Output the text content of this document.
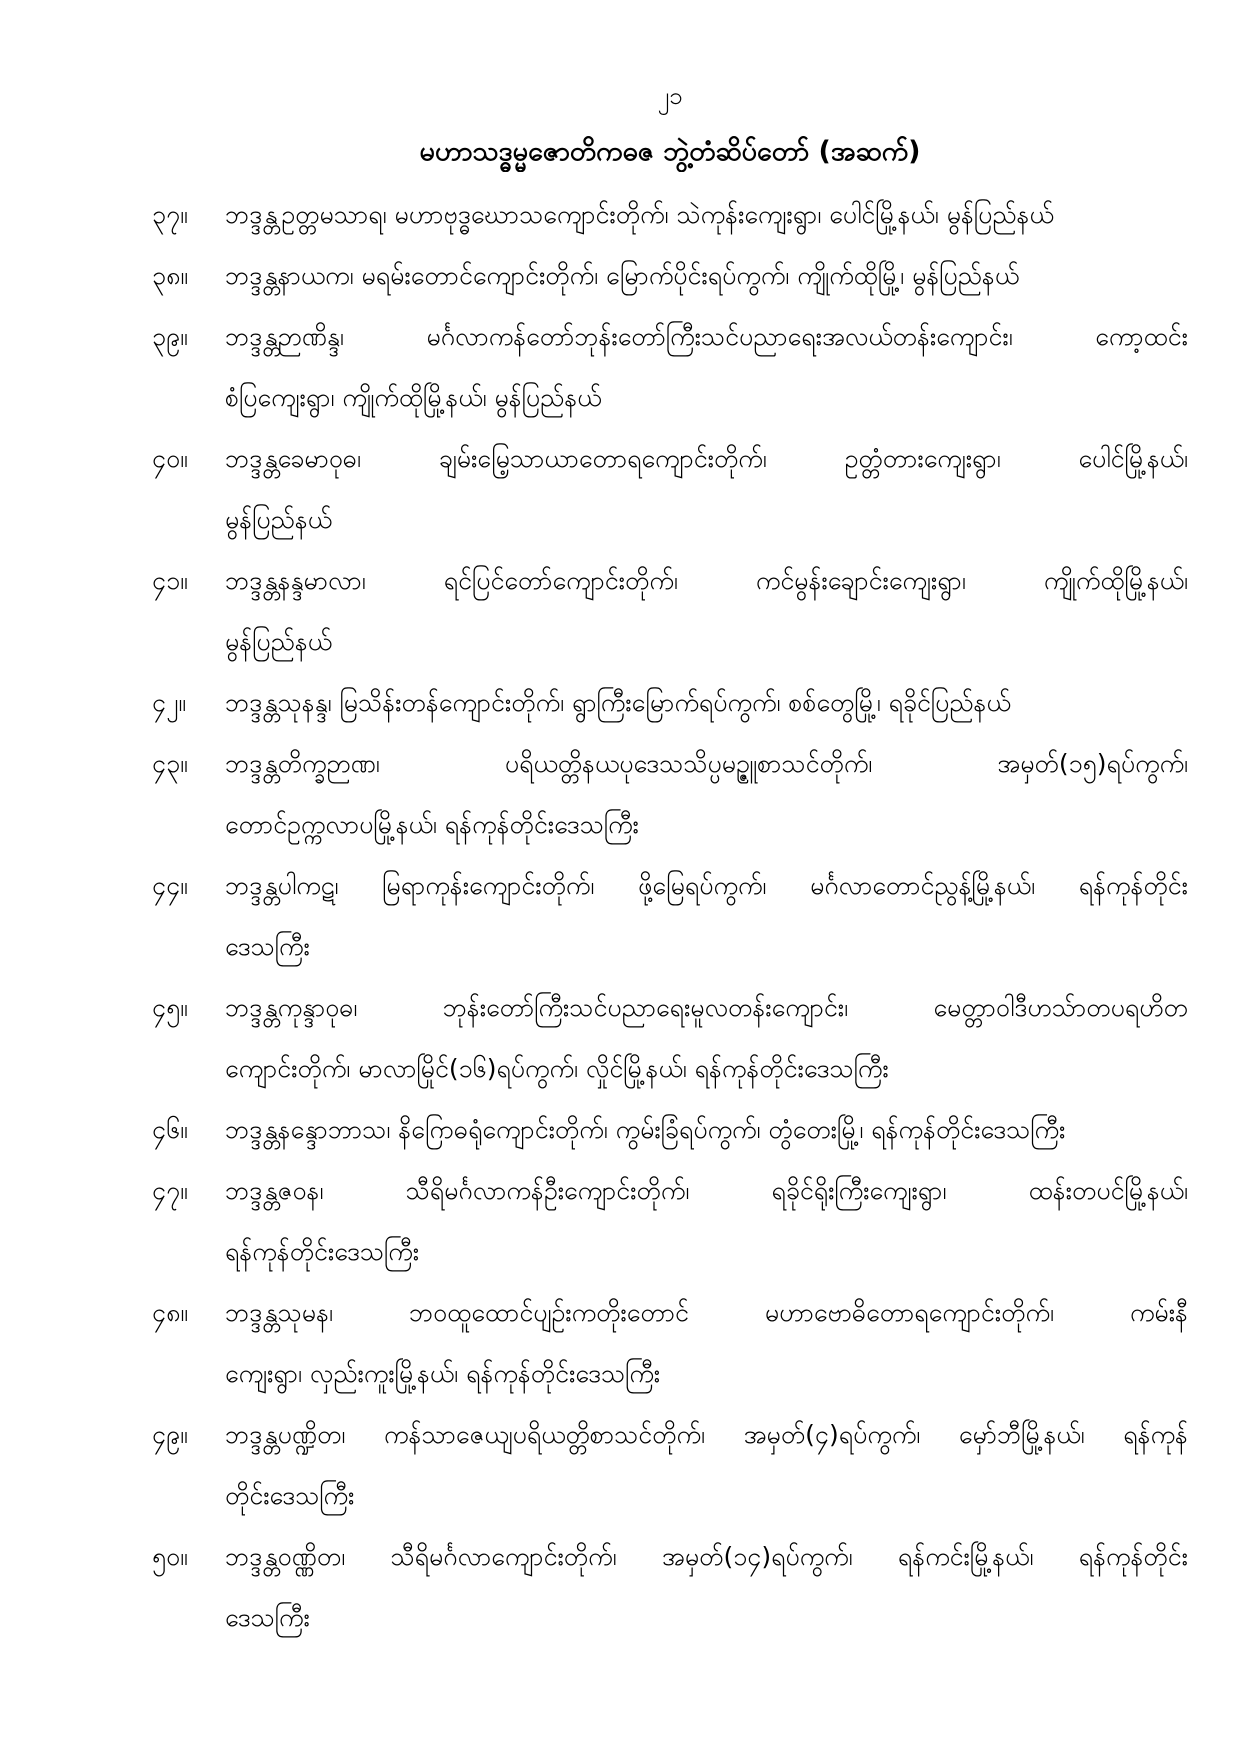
၂၁
မဟာသဒ္ဓမ္မဇောတိကဓဇ ဘွဲ့တံဆိပ်တော် (အဆက်)
၃၇။	ဘဒ္ဒန္တဥတ္တမသာရ၊ မဟာဗုဒ္ဓဃောသကျောင်းတိုက်၊ သဲကုန်းကျေးရွာ၊ ပေါင်မြို့နယ်၊ မွန်ပြည်နယ်
၃၈။	ဘဒ္ဒန္တနာယက၊ မရမ်းတောင်ကျောင်းတိုက်၊ မြောက်ပိုင်းရပ်ကွက်၊ ကျိုက်ထိုမြို့၊ မွန်ပြည်နယ်
၃၉။	ဘဒ္ဒန္တဉာဏိန္ဒ၊ မင်္ဂလာကန်တော်ဘုန်းတော်ကြီးသင်ပညာရေးအလယ်တန်းကျောင်း၊ ကော့ထင်း
စံပြကျေးရွာ၊ ကျိုက်ထိုမြို့နယ်၊ မွန်ပြည်နယ်
၄၀။	ဘဒ္ဒန္တခေမာဝုဓ၊ ချမ်းမြေ့သာယာတောရကျောင်းတိုက်၊ ဥတ္တံတားကျေးရွာ၊ ပေါင်မြို့နယ်၊
မွန်ပြည်နယ်
၄၁။	ဘဒ္ဒန္တနန္ဒမာလာ၊ ရင်ပြင်တော်ကျောင်းတိုက်၊ ကင်မွန်းချောင်းကျေးရွာ၊ ကျိုက်ထိုမြို့နယ်၊
မွန်ပြည်နယ်
၄၂။	ဘဒ္ဒန္တသုနန္ဒ၊ မြသိန်းတန်ကျောင်းတိုက်၊ ရွာကြီးမြောက်ရပ်ကွက်၊ စစ်တွေမြို့၊ ရခိုင်ပြည်နယ်
၄၃။	ဘဒ္ဒန္တတိက္ခဉာဏ၊ ပရိယတ္တိနယပုဒေသသိပ္ပမဉ္ဇူစာသင်တိုက်၊ အမှတ်(၁၅)ရပ်ကွက်၊
တောင်ဥက္ကလာပမြို့နယ်၊ ရန်ကုန်တိုင်းဒေသကြီး
၄၄။	ဘဒ္ဒန္တပါကဋ၊ မြရာကုန်းကျောင်းတိုက်၊ ဖို့မြေရပ်ကွက်၊ မင်္ဂလာတောင်ညွန့်မြို့နယ်၊ ရန်ကုန်တိုင်း
ဒေသကြီး
၄၅။	ဘဒ္ဒန္တကုန္ဒာဝုဓ၊ ဘုန်းတော်ကြီးသင်ပညာရေးမူလတန်းကျောင်း၊ မေတ္တာဝါဒီဟသ်ာတပရဟိတ
ကျောင်းတိုက်၊ မာလာမြိုင်(၁၆)ရပ်ကွက်၊ လှိုင်မြို့နယ်၊ ရန်ကုန်တိုင်းဒေသကြီး
၄၆။	ဘဒ္ဒန္တနန္ဒောဘာသ၊ နိဂြောဓရုံကျောင်းတိုက်၊ ကွမ်းခြံရပ်ကွက်၊ တွံတေးမြို့၊ ရန်ကုန်တိုင်းဒေသကြီး
၄၇။	ဘဒ္ဒန္တဇဝန၊ သီရိမင်္ဂလာကန်ဦးကျောင်းတိုက်၊ ရခိုင်ရိုးကြီးကျေးရွာ၊ ထန်းတပင်မြို့နယ်၊
ရန်ကုန်တိုင်းဒေသကြီး
၄၈။	ဘဒ္ဒန္တသုမန၊ ဘဝထူထောင်ပျဉ်းကတိုးတောင် မဟာဗောဓိတောရကျောင်းတိုက်၊ ကမ်းနီ
ကျေးရွာ၊ လှည်းကူးမြို့နယ်၊ ရန်ကုန်တိုင်းဒေသကြီး
၄၉။	ဘဒ္ဒန္တပဏ္ဍိတ၊ ကန်သာဇေယျပရိယတ္တိစာသင်တိုက်၊ အမှတ်(၄)ရပ်ကွက်၊ မှော်ဘီမြို့နယ်၊ ရန်ကုန်
တိုင်းဒေသကြီး
၅၀။	ဘဒ္ဒန္တဝဏ္ဏိတ၊ သီရိမင်္ဂလာကျောင်းတိုက်၊ အမှတ်(၁၄)ရပ်ကွက်၊ ရန်ကင်းမြို့နယ်၊ ရန်ကုန်တိုင်း
ဒေသကြီး
